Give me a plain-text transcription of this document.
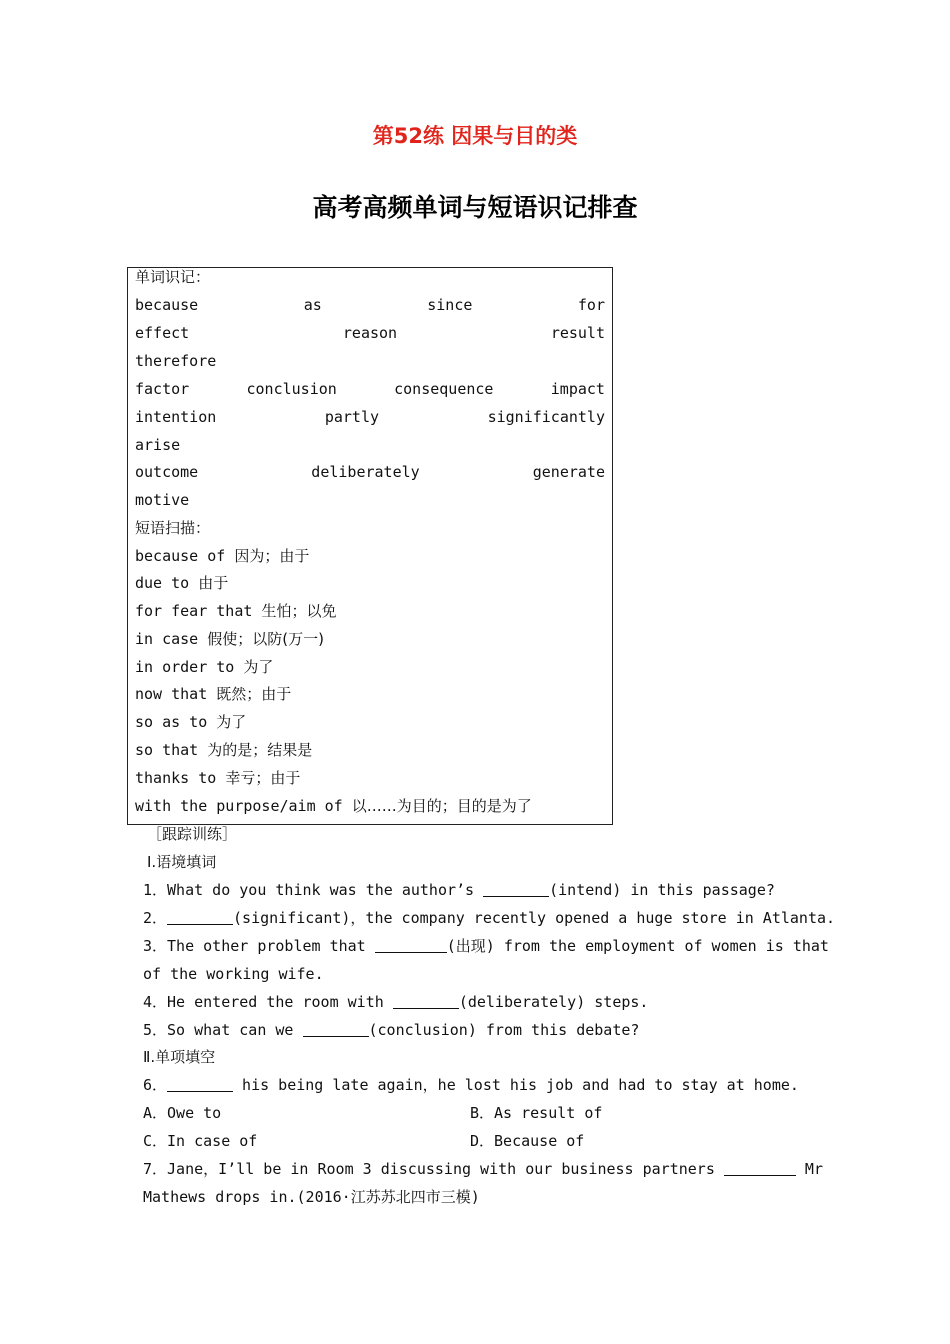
第52练 因果与目的类
高考高频单词与短语识记排查
单词识记：
because	as	since	for
effect	reason	result
therefore
factor	conclusion	consequence	impact
intention	partly	significantly
arise
outcome	deliberately	generate
motive
短语扫描：
because of 因为；由于
due to 由于
for fear that 生怕；以免
in case 假使；以防(万一)
in order to 为了
now that 既然；由于
so as to 为了
so that 为的是；结果是
thanks to 幸亏；由于
with the purpose/aim of 以……为目的；目的是为了
［跟踪训练］
Ⅰ.语境填词
1．What do you think was the author’s	(intend) in this passage?
2．	(significant)，the company recently opened a huge store in Atlanta.
3．The other problem that	(出现) from the employment of women is that
of the working wife.
4．He entered the room with	(deliberately) steps.
5．So what can we	(conclusion) from this debate?
Ⅱ.单项填空
6．	his being late again，he lost his job and had to stay at home.
A．Owe to	B．As result of
C．In case of	D．Because of
7．Jane，I’ll be in Room 3 discussing with our business partners	Mr
Mathews drops in.(2016·江苏苏北四市三模)
